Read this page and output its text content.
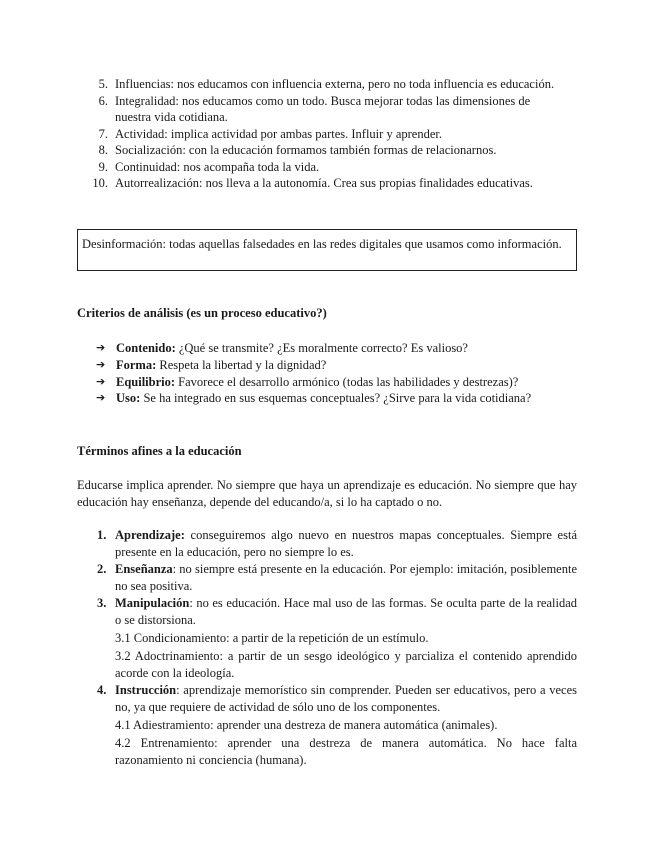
5. Influencias: nos educamos con influencia externa, pero no toda influencia es educación.
6. Integralidad: nos educamos como un todo. Busca mejorar todas las dimensiones de nuestra vida cotidiana.
7. Actividad: implica actividad por ambas partes. Influir y aprender.
8. Socialización: con la educación formamos también formas de relacionarnos.
9. Continuidad: nos acompaña toda la vida.
10. Autorrealización: nos lleva a la autonomía. Crea sus propias finalidades educativas.
Desinformación: todas aquellas falsedades en las redes digitales que usamos como información.
Criterios de análisis (es un proceso educativo?)
➔ Contenido: ¿Qué se transmite? ¿Es moralmente correcto? Es valioso?
➔ Forma: Respeta la libertad y la dignidad?
➔ Equilibrio: Favorece el desarrollo armónico (todas las habilidades y destrezas)?
➔ Uso: Se ha integrado en sus esquemas conceptuales? ¿Sirve para la vida cotidiana?
Términos afines a la educación
Educarse implica aprender. No siempre que haya un aprendizaje es educación. No siempre que hay educación hay enseñanza, depende del educando/a, si lo ha captado o no.
1. Aprendizaje: conseguiremos algo nuevo en nuestros mapas conceptuales. Siempre está presente en la educación, pero no siempre lo es.
2. Enseñanza: no siempre está presente en la educación. Por ejemplo: imitación, posiblemente no sea positiva.
3. Manipulación: no es educación. Hace mal uso de las formas. Se oculta parte de la realidad o se distorsiona.
3.1 Condicionamiento: a partir de la repetición de un estímulo.
3.2 Adoctrinamiento: a partir de un sesgo ideológico y parcializa el contenido aprendido acorde con la ideología.
4. Instrucción: aprendizaje memorístico sin comprender. Pueden ser educativos, pero a veces no, ya que requiere de actividad de sólo uno de los componentes.
4.1 Adiestramiento: aprender una destreza de manera automática (animales).
4.2 Entrenamiento: aprender una destreza de manera automática. No hace falta razonamiento ni conciencia (humana).
